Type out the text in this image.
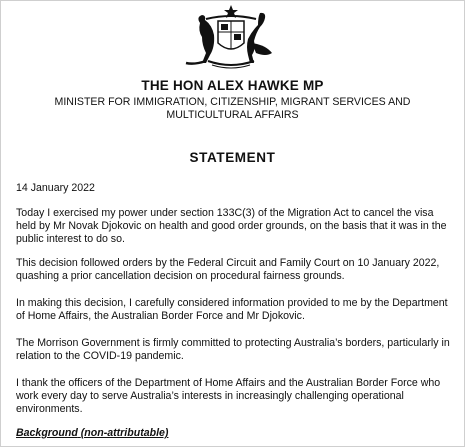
THE HON ALEX HAWKE MP
MINISTER FOR IMMIGRATION, CITIZENSHIP, MIGRANT SERVICES AND MULTICULTURAL AFFAIRS
STATEMENT
14 January 2022
Today I exercised my power under section 133C(3) of the Migration Act to cancel the visa held by Mr Novak Djokovic on health and good order grounds, on the basis that it was in the public interest to do so.
This decision followed orders by the Federal Circuit and Family Court on 10 January 2022, quashing a prior cancellation decision on procedural fairness grounds.
In making this decision, I carefully considered information provided to me by the Department of Home Affairs, the Australian Border Force and Mr Djokovic.
The Morrison Government is firmly committed to protecting Australia’s borders, particularly in relation to the COVID-19 pandemic.
I thank the officers of the Department of Home Affairs and the Australian Border Force who work every day to serve Australia’s interests in increasingly challenging operational environments.
Background (non-attributable)
